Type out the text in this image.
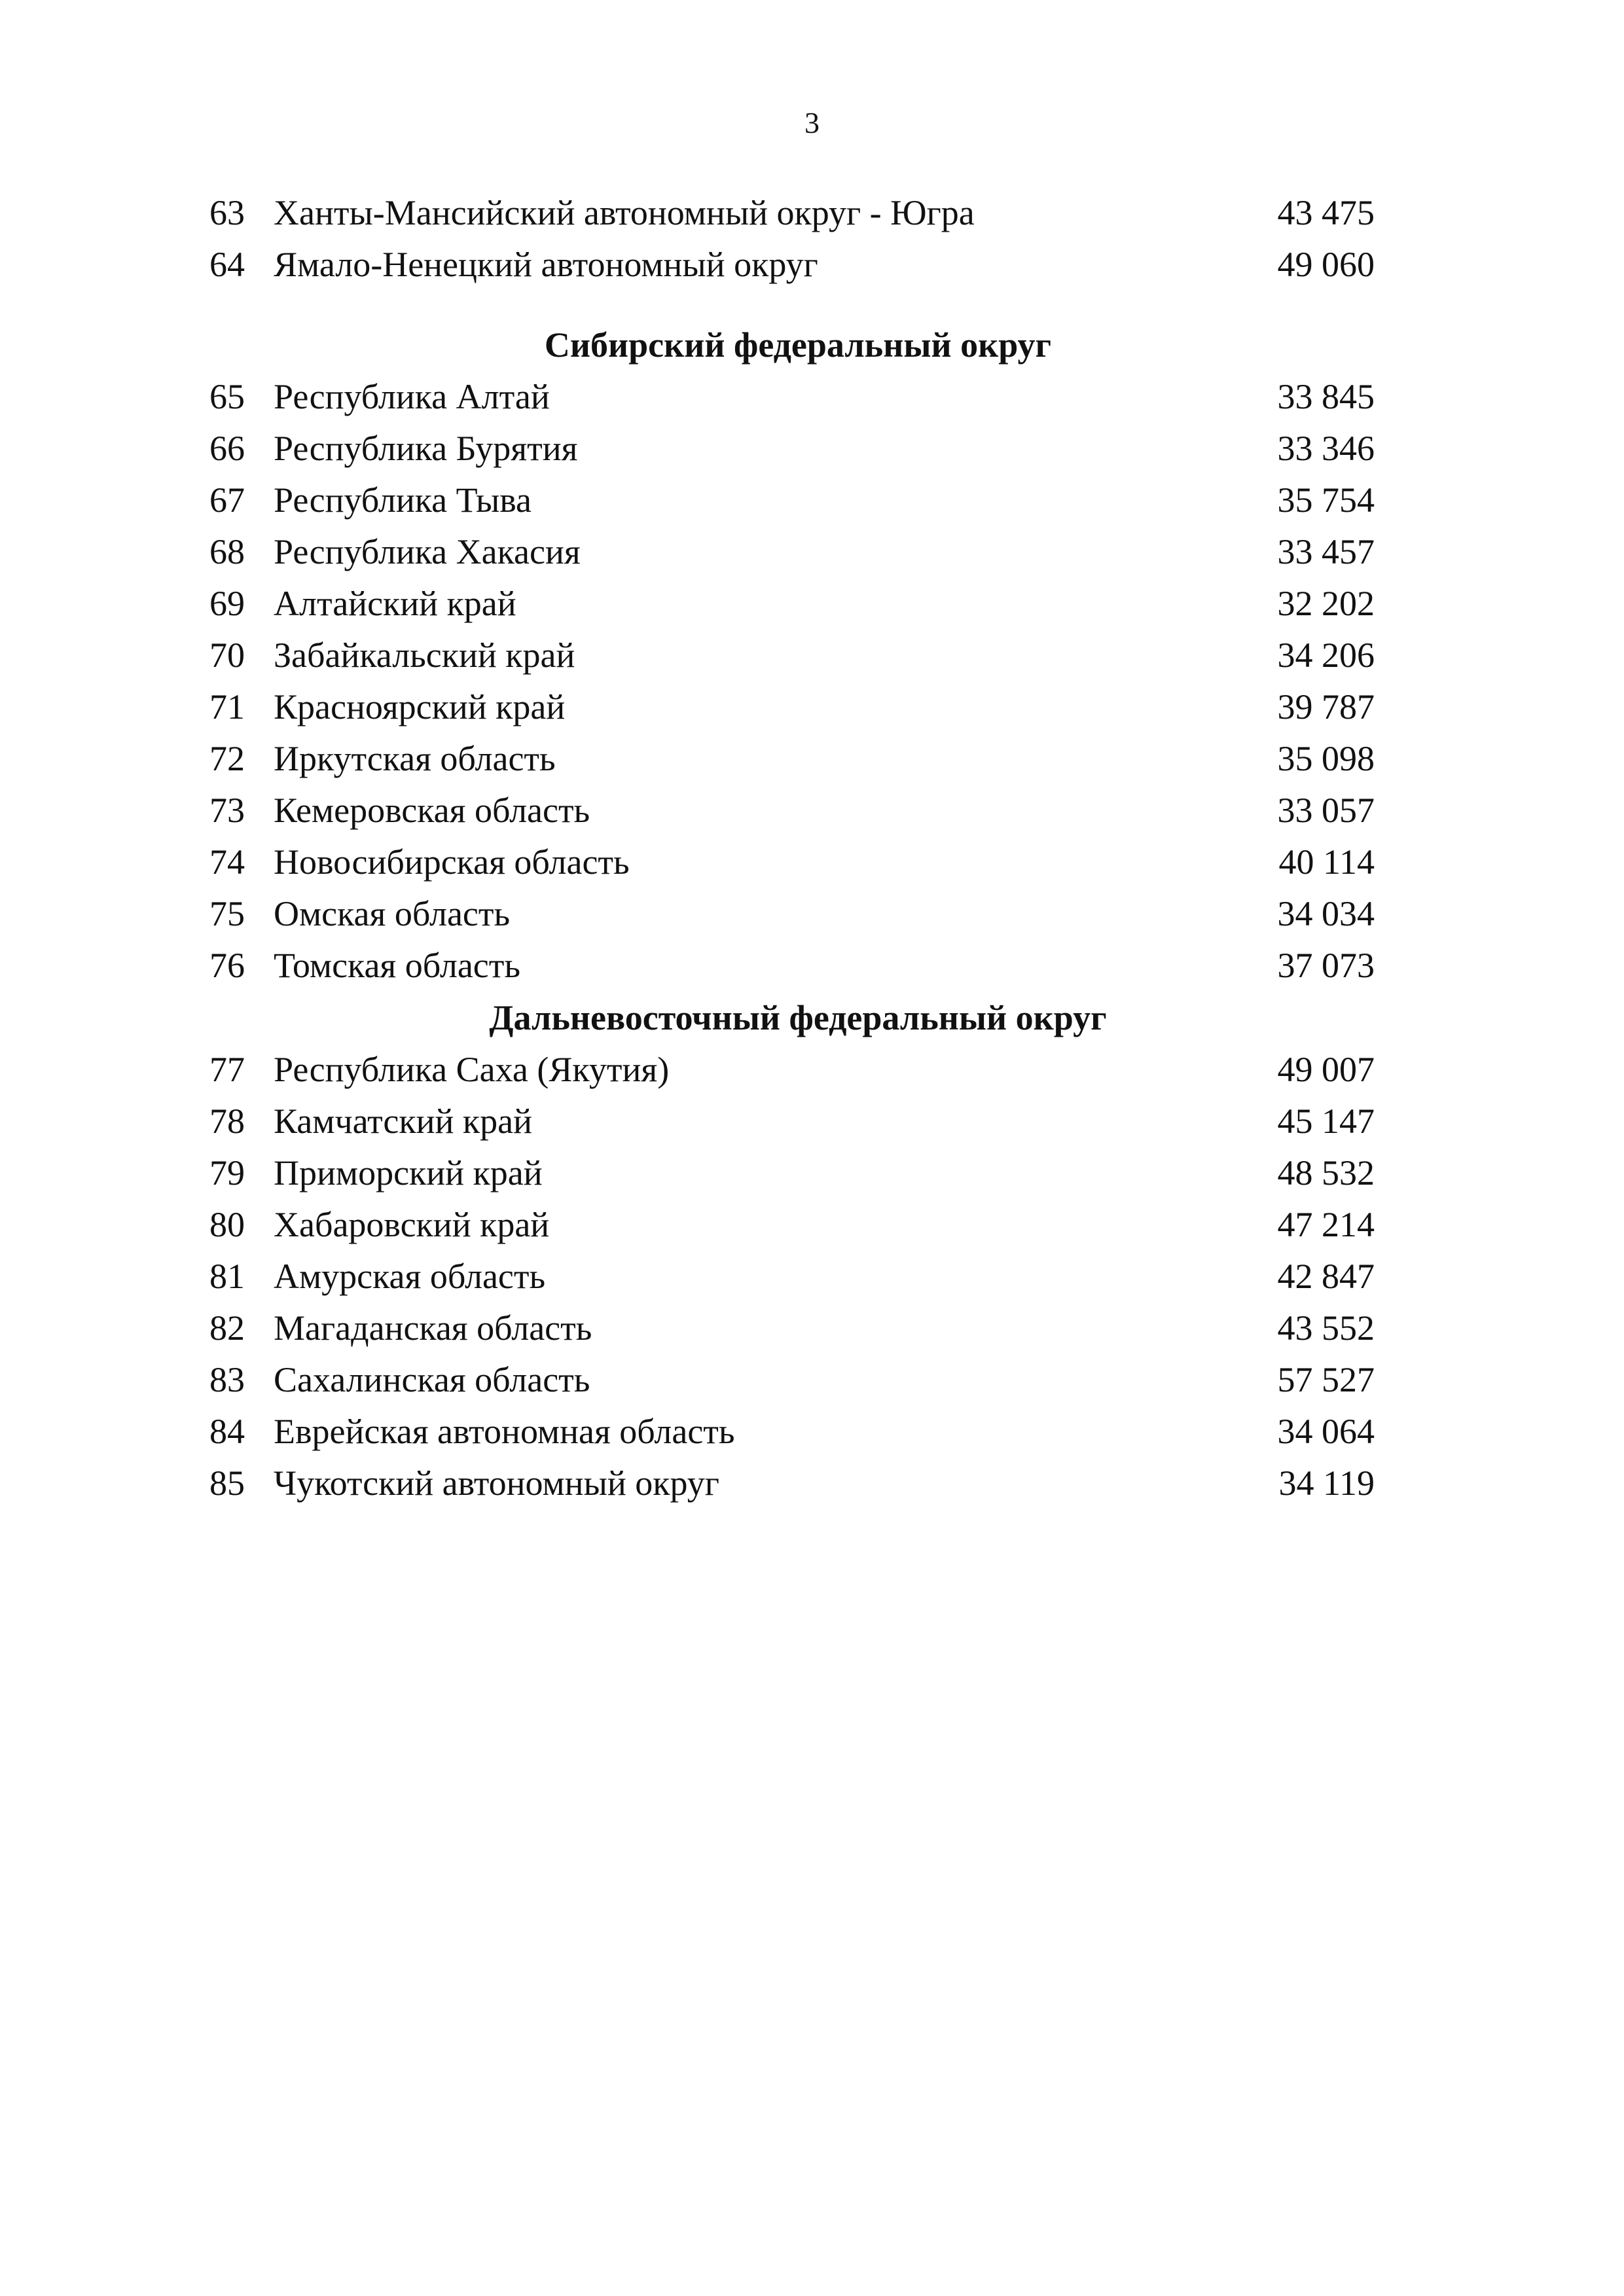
3
63 Ханты-Мансийский автономный округ - Югра	43 475
64 Ямало-Ненецкий автономный округ	49 060
Сибирский федеральный округ
65 Республика Алтай	33 845
66 Республика Бурятия	33 346
67 Республика Тыва	35 754
68 Республика Хакасия	33 457
69 Алтайский край	32 202
70 Забайкальский край	34 206
71 Красноярский край	39 787
72 Иркутская область	35 098
73 Кемеровская область	33 057
74 Новосибирская область	40 114
75 Омская область	34 034
76 Томская область	37 073
Дальневосточный федеральный округ
77 Республика Саха (Якутия)	49 007
78 Камчатский край	45 147
79 Приморский край	48 532
80 Хабаровский край	47 214
81 Амурская область	42 847
82 Магаданская область	43 552
83 Сахалинская область	57 527
84 Еврейская автономная область	34 064
85 Чукотский автономный округ	34 119
